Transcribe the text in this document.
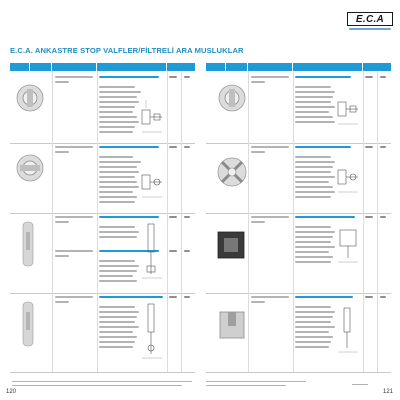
E.C.A
E.C.A. ANKASTRE STOP VALFLER/FİLTRELİ ARA MUSLUKLAR
120	121
